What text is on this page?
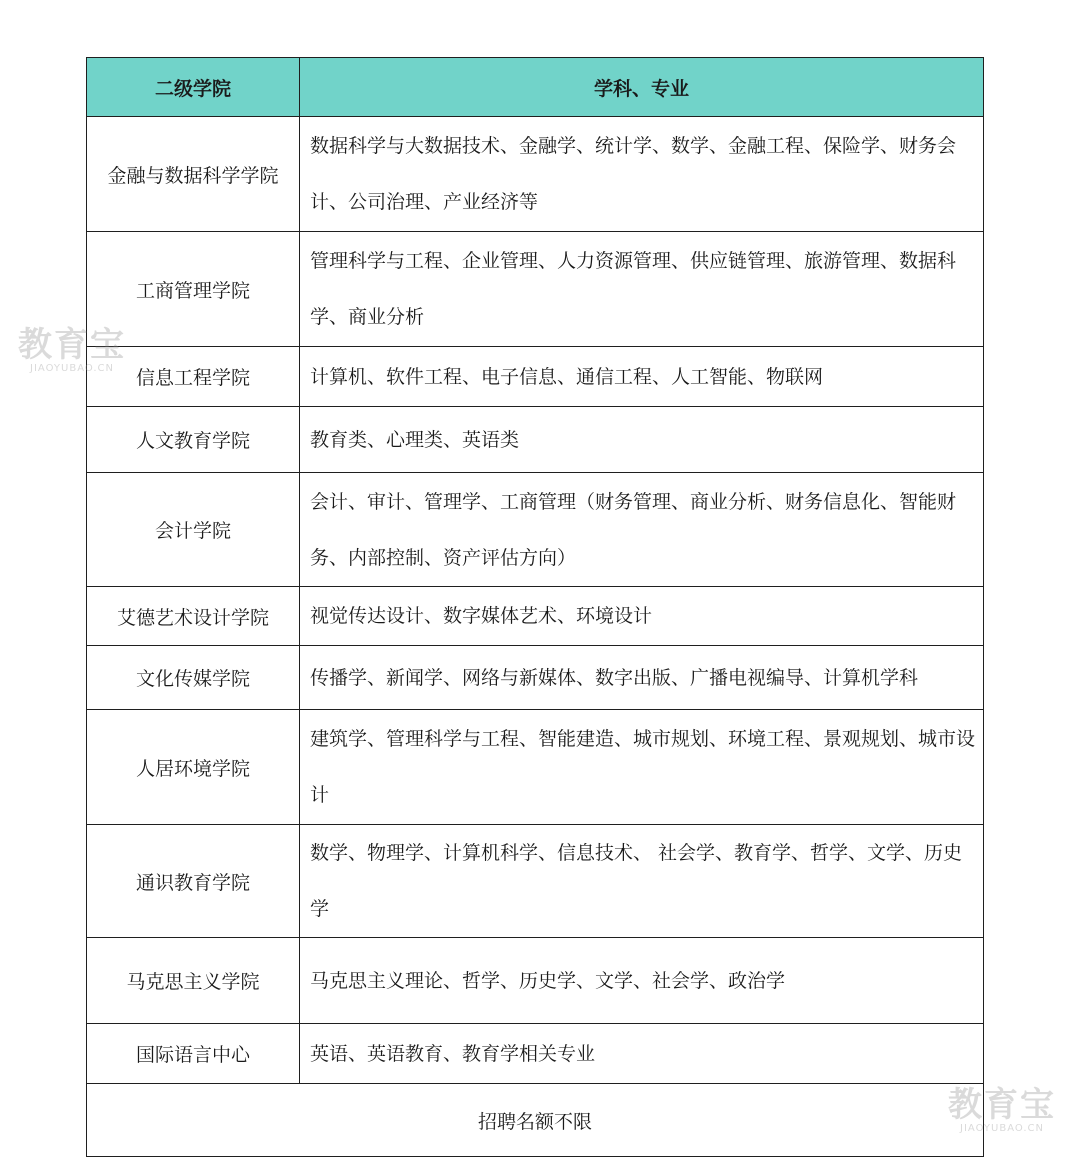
二级学院	学科、专业
金融与数据科学学院	数据科学与大数据技术、金融学、统计学、数学、金融工程、保险学、财务会计、公司治理、产业经济等
工商管理学院	管理科学与工程、企业管理、人力资源管理、供应链管理、旅游管理、数据科学、商业分析
信息工程学院	计算机、软件工程、电子信息、通信工程、人工智能、物联网
人文教育学院	教育类、心理类、英语类
会计学院	会计、审计、管理学、工商管理（财务管理、商业分析、财务信息化、智能财务、内部控制、资产评估方向）
艾德艺术设计学院	视觉传达设计、数字媒体艺术、环境设计
文化传媒学院	传播学、新闻学、网络与新媒体、数字出版、广播电视编导、计算机学科
人居环境学院	建筑学、管理科学与工程、智能建造、城市规划、环境工程、景观规划、城市设计
通识教育学院	数学、物理学、计算机科学、信息技术、 社会学、教育学、哲学、文学、历史学
马克思主义学院	马克思主义理论、哲学、历史学、文学、社会学、政治学
国际语言中心	英语、英语教育、教育学相关专业
招聘名额不限	
教育宝
JIAOYUBAO.CN
教育宝
JIAOYUBAO.CN
